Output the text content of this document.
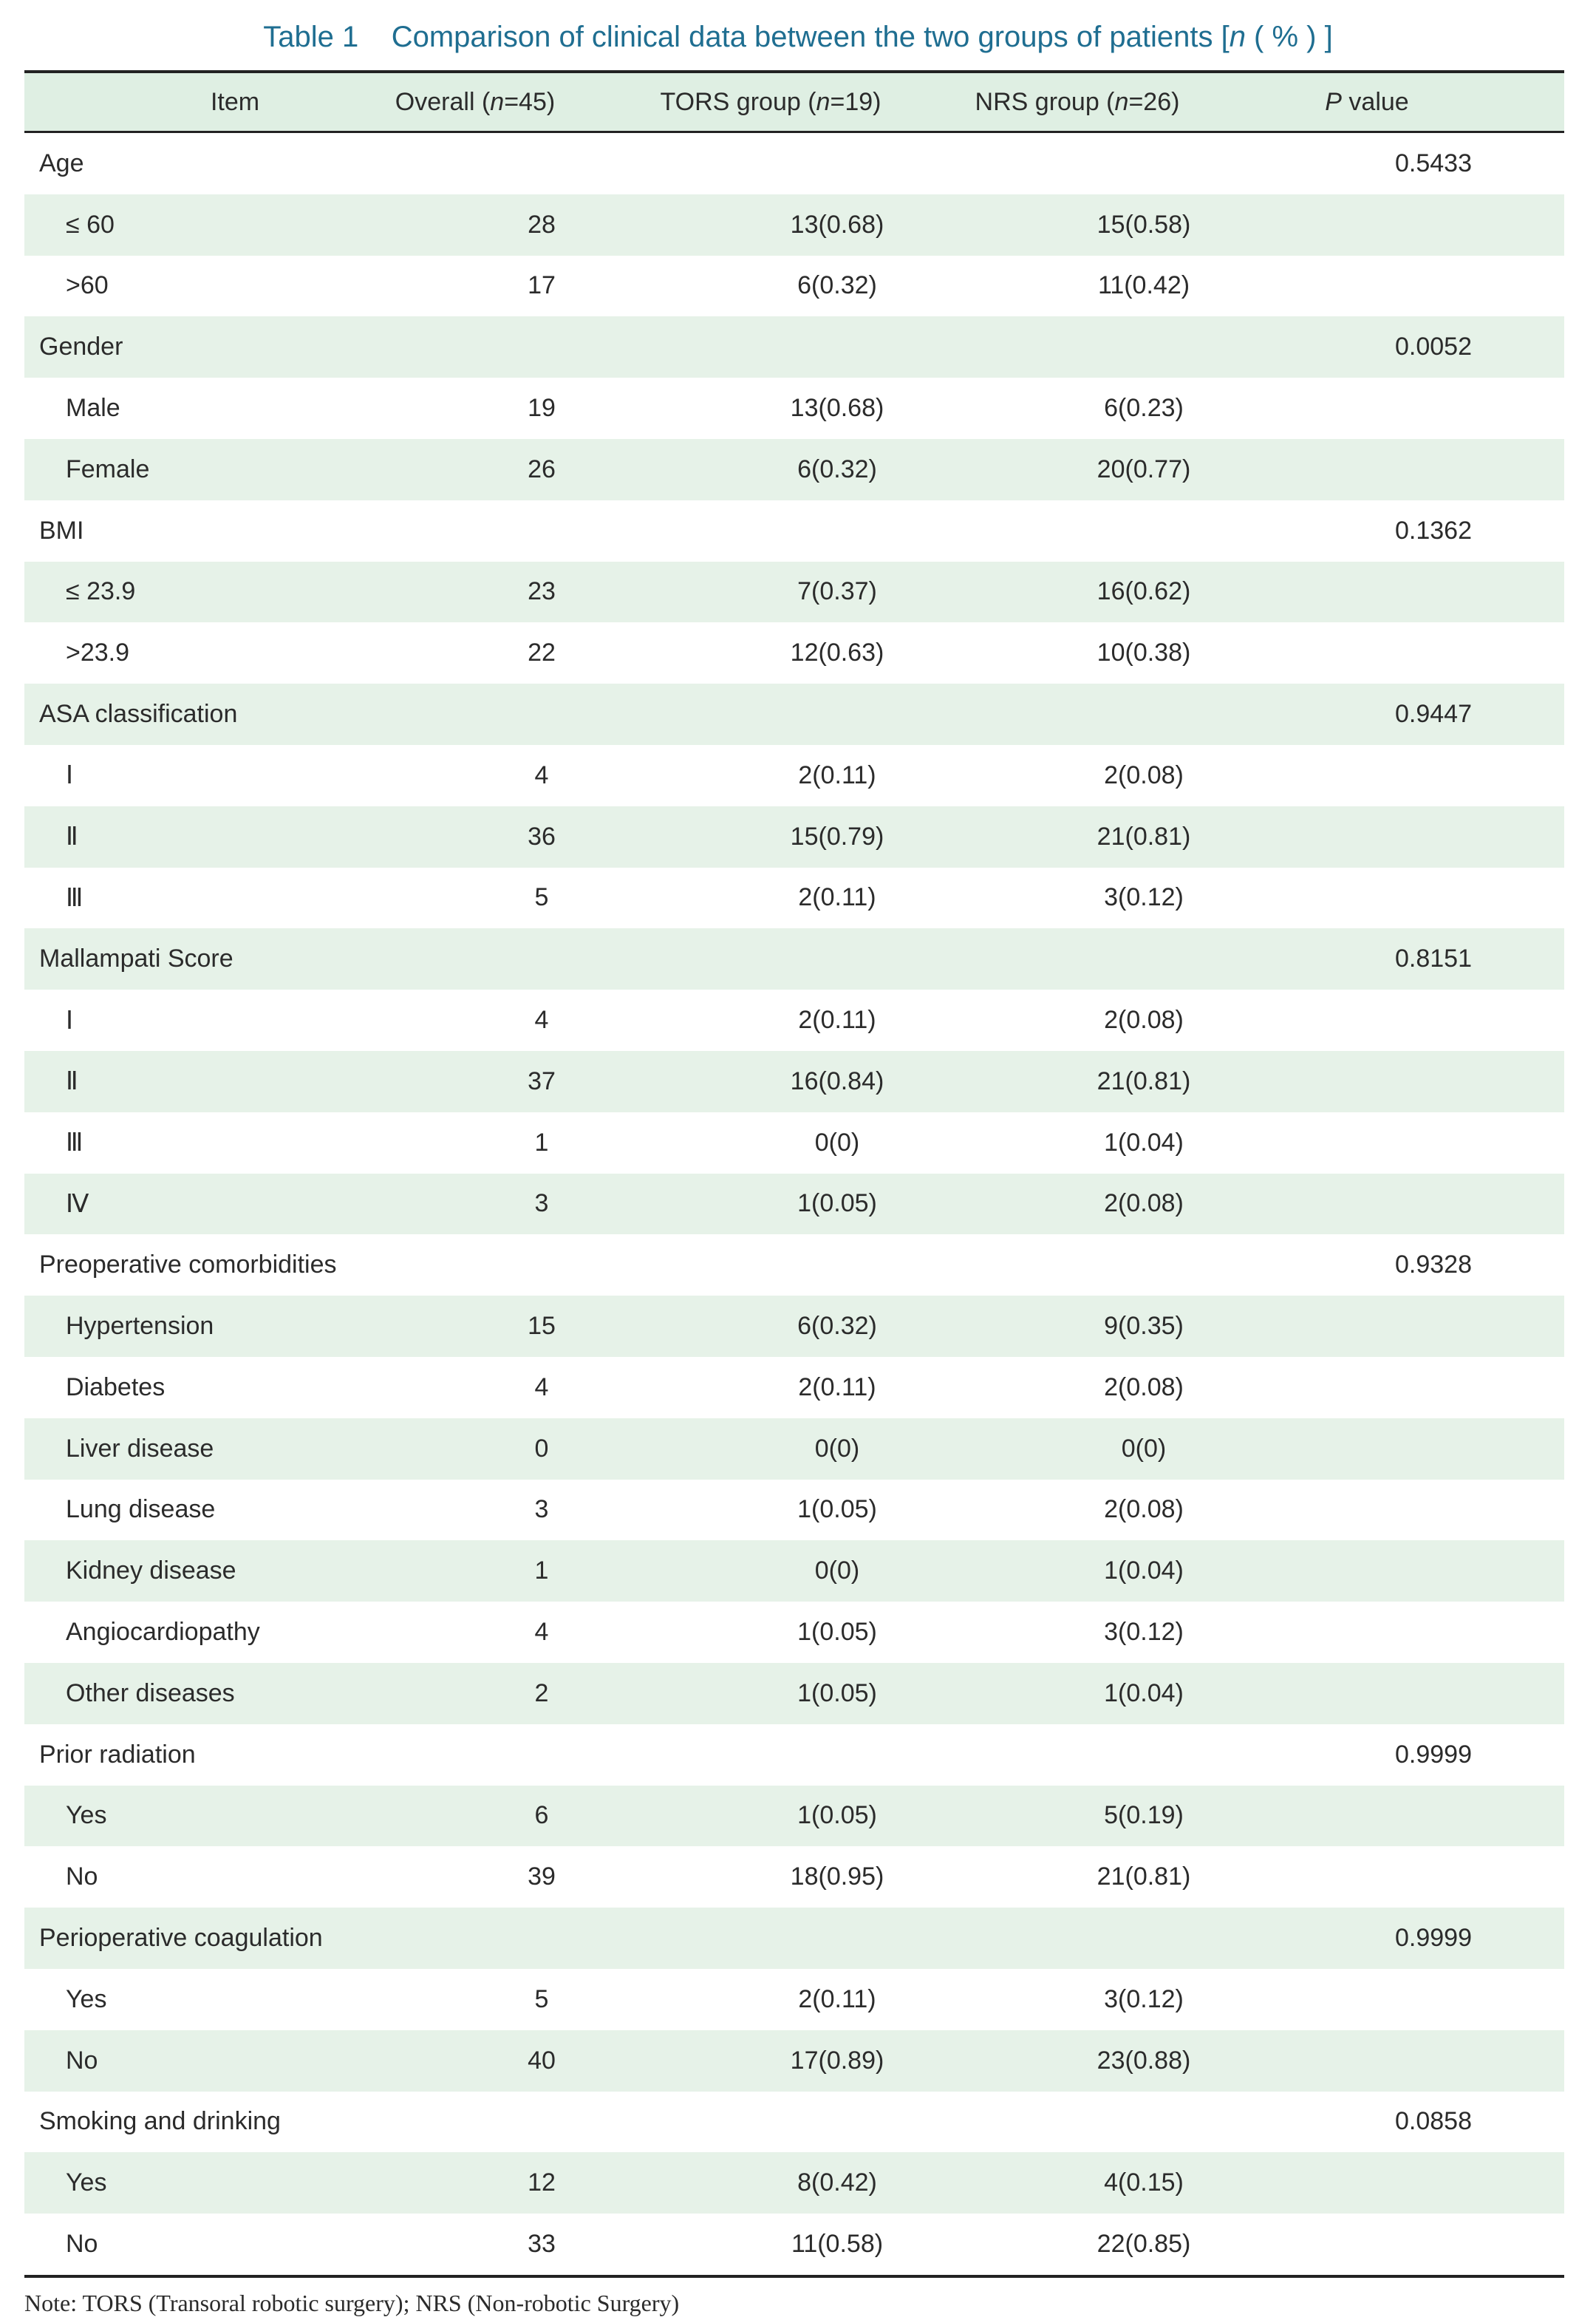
Table 1    Comparison of clinical data between the two groups of patients [n ( % ) ]
Item	Overall (n=45)	TORS group (n=19)	NRS group (n=26)	P value
Age	0.5433
≤ 60	28	13(0.68)	15(0.58)
>60	17	6(0.32)	11(0.42)
Gender	0.0052
Male	19	13(0.68)	6(0.23)
Female	26	6(0.32)	20(0.77)
BMI	0.1362
≤ 23.9	23	7(0.37)	16(0.62)
>23.9	22	12(0.63)	10(0.38)
ASA classification	0.9447
Ⅰ	4	2(0.11)	2(0.08)
Ⅱ	36	15(0.79)	21(0.81)
Ⅲ	5	2(0.11)	3(0.12)
Mallampati Score	0.8151
Ⅰ	4	2(0.11)	2(0.08)
Ⅱ	37	16(0.84)	21(0.81)
Ⅲ	1	0(0)	1(0.04)
Ⅳ	3	1(0.05)	2(0.08)
Preoperative comorbidities	0.9328
Hypertension	15	6(0.32)	9(0.35)
Diabetes	4	2(0.11)	2(0.08)
Liver disease	0	0(0)	0(0)
Lung disease	3	1(0.05)	2(0.08)
Kidney disease	1	0(0)	1(0.04)
Angiocardiopathy	4	1(0.05)	3(0.12)
Other diseases	2	1(0.05)	1(0.04)
Prior radiation	0.9999
Yes	6	1(0.05)	5(0.19)
No	39	18(0.95)	21(0.81)
Perioperative coagulation	0.9999
Yes	5	2(0.11)	3(0.12)
No	40	17(0.89)	23(0.88)
Smoking and drinking	0.0858
Yes	12	8(0.42)	4(0.15)
No	33	11(0.58)	22(0.85)
Note: TORS (Transoral robotic surgery); NRS (Non-robotic Surgery)
